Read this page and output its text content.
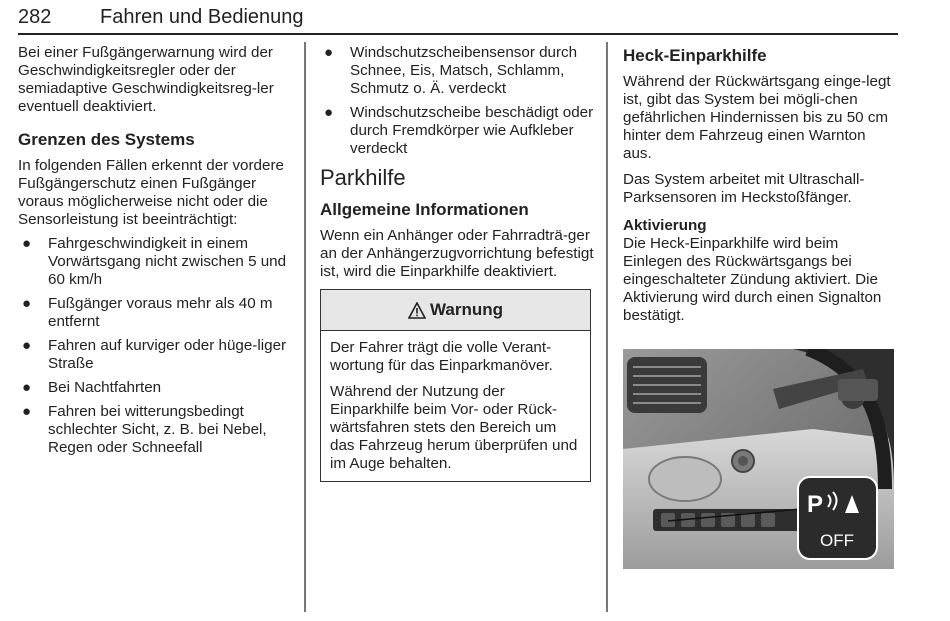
282 Fahren und Bedienung

Bei einer Fußgängerwarnung wird der Geschwindigkeitsregler oder der semiadaptive Geschwindigkeitsreg-ler eventuell deaktiviert.

Grenzen des Systems

In folgenden Fällen erkennt der vordere Fußgängerschutz einen Fußgänger voraus möglicherweise nicht oder die Sensorleistung ist beeinträchtigt:

● Fahrgeschwindigkeit in einem Vorwärtsgang nicht zwischen 5 und 60 km/h
● Fußgänger voraus mehr als 40 m entfernt
● Fahren auf kurviger oder hüge-liger Straße
● Bei Nachtfahrten
● Fahren bei witterungsbedingt schlechter Sicht, z. B. bei Nebel, Regen oder Schneefall
● Windschutzscheibensensor durch Schnee, Eis, Matsch, Schlamm, Schmutz o. Ä. verdeckt
● Windschutzscheibe beschädigt oder durch Fremdkörper wie Aufkleber verdeckt
Parkhilfe
Allgemeine Informationen

Wenn ein Anhänger oder Fahrradträ-ger an der Anhängerzugvorrichtung befestigt ist, wird die Einparkhilfe deaktiviert.

Warnung

Der Fahrer trägt die volle Verant-wortung für das Einparkmanöver.

Während der Nutzung der Einparkhilfe beim Vor- oder Rück-wärtsfahren stets den Bereich um das Fahrzeug herum überprüfen und im Auge behalten.

Heck-Einparkhilfe

Während der Rückwärtsgang einge-legt ist, gibt das System bei mögli-chen gefährlichen Hindernissen bis zu 50 cm hinter dem Fahrzeug einen Warnton aus.

Das System arbeitet mit Ultraschall-Parksensoren im Heckstoßfänger.

Aktivierung

Die Heck-Einparkhilfe wird beim Einlegen des Rückwärtsgangs bei eingeschalteter Zündung aktiviert. Die Aktivierung wird durch einen Signalton bestätigt.

P
OFF
